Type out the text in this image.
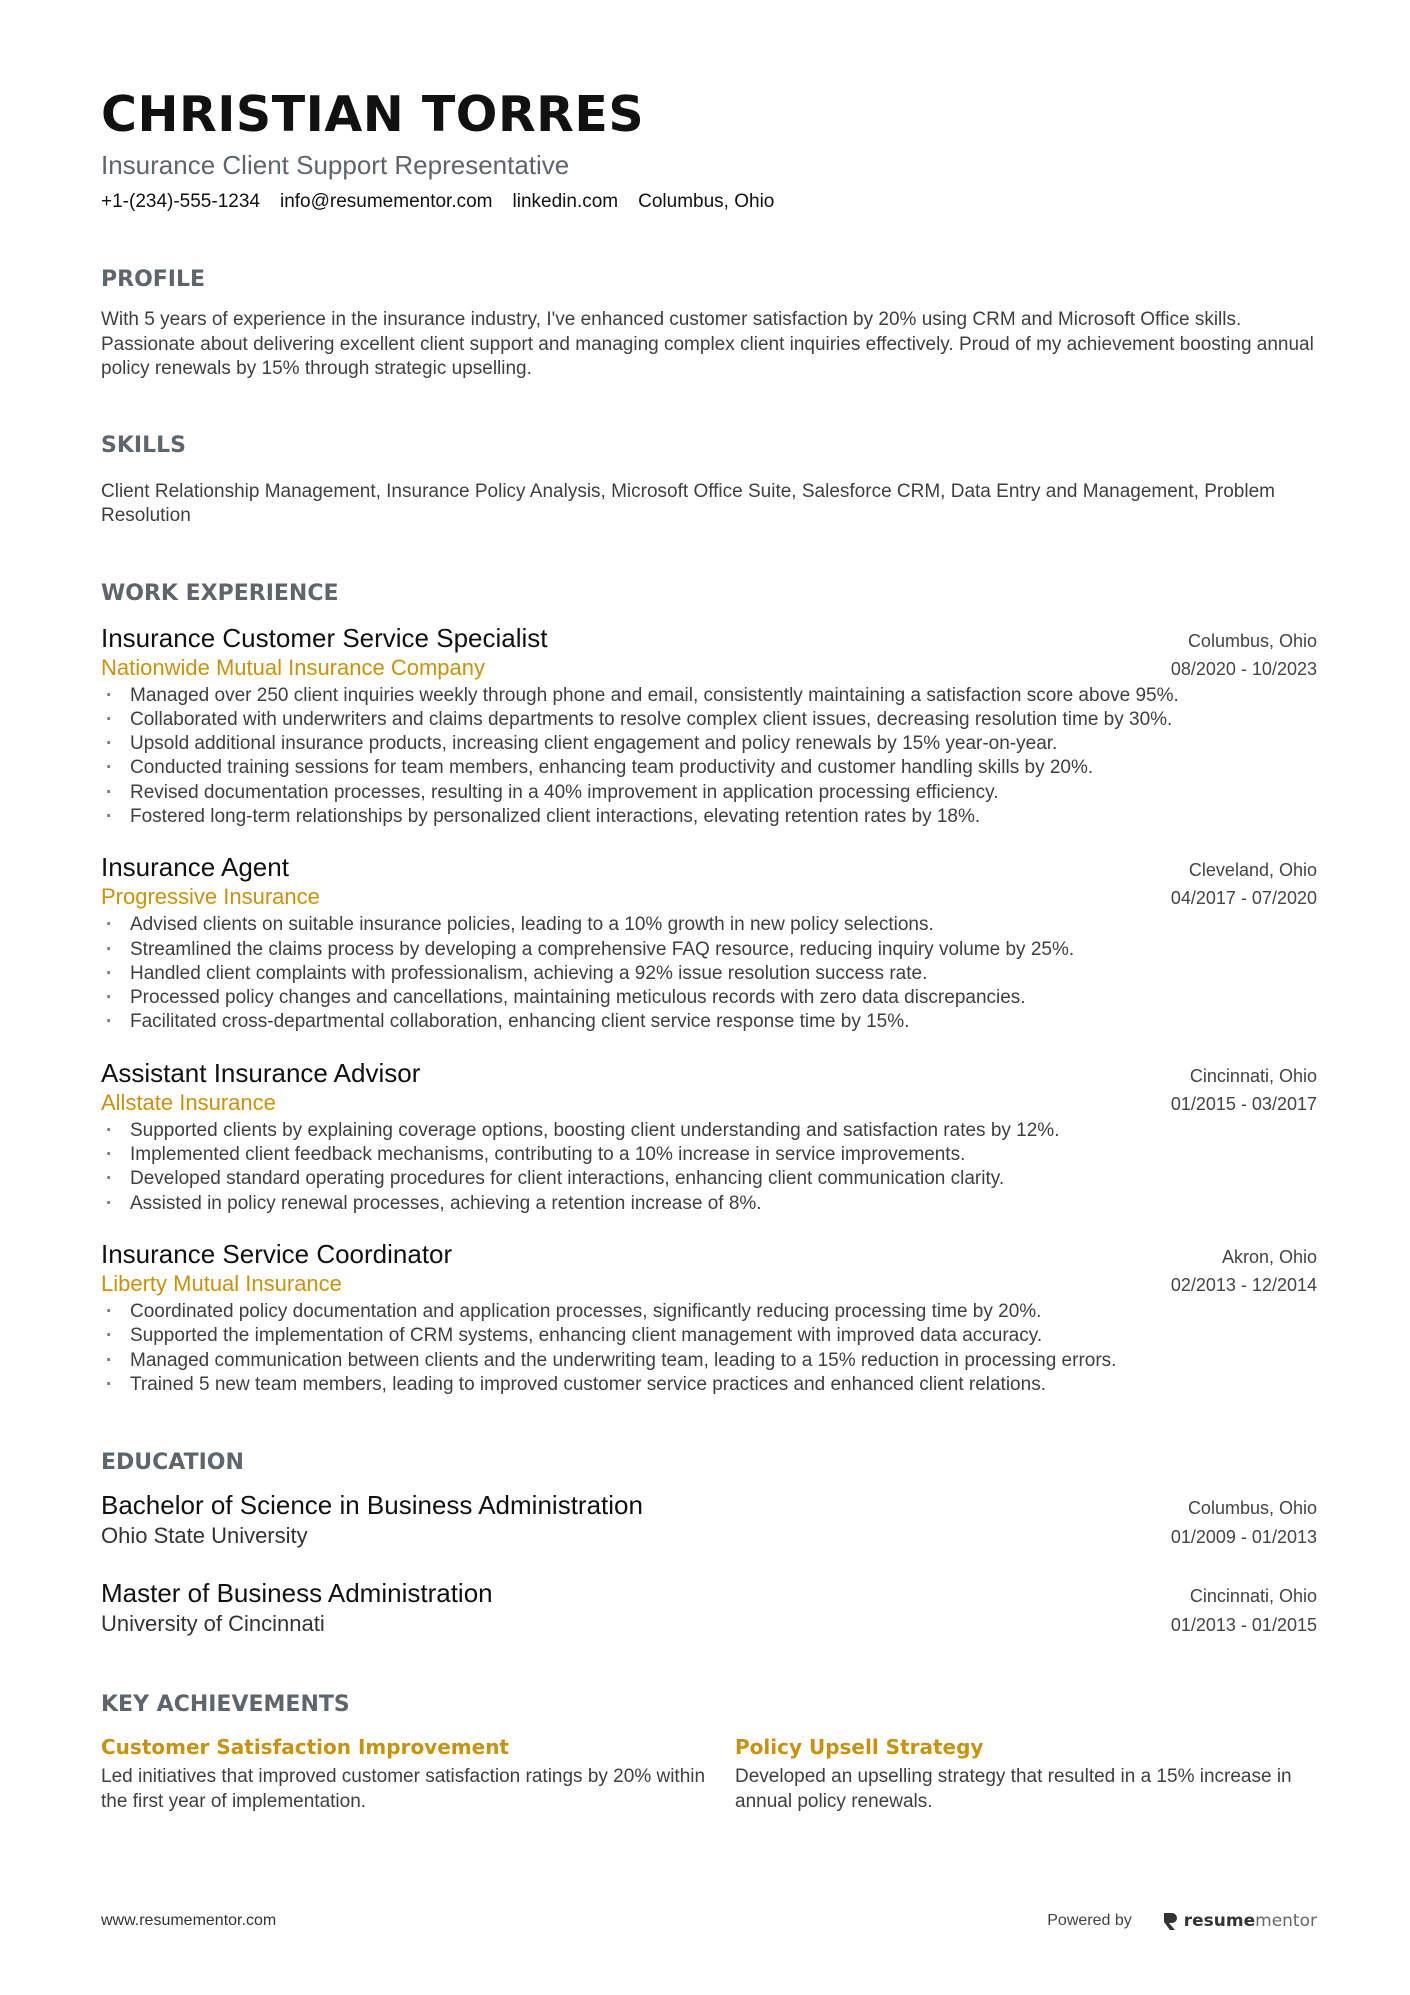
CHRISTIAN TORRES
Insurance Client Support Representative
+1-(234)-555-1234 info@resumementor.com linkedin.com Columbus, Ohio
PROFILE
With 5 years of experience in the insurance industry, I've enhanced customer satisfaction by 20% using CRM and Microsoft Office skills. Passionate about delivering excellent client support and managing complex client inquiries effectively. Proud of my achievement boosting annual policy renewals by 15% through strategic upselling.
SKILLS
Client Relationship Management, Insurance Policy Analysis, Microsoft Office Suite, Salesforce CRM, Data Entry and Management, Problem Resolution
WORK EXPERIENCE
Insurance Customer Service Specialist	Columbus, Ohio
Nationwide Mutual Insurance Company	08/2020 - 10/2023
· Managed over 250 client inquiries weekly through phone and email, consistently maintaining a satisfaction score above 95%.
· Collaborated with underwriters and claims departments to resolve complex client issues, decreasing resolution time by 30%.
· Upsold additional insurance products, increasing client engagement and policy renewals by 15% year-on-year.
· Conducted training sessions for team members, enhancing team productivity and customer handling skills by 20%.
· Revised documentation processes, resulting in a 40% improvement in application processing efficiency.
· Fostered long-term relationships by personalized client interactions, elevating retention rates by 18%.
Insurance Agent	Cleveland, Ohio
Progressive Insurance	04/2017 - 07/2020
· Advised clients on suitable insurance policies, leading to a 10% growth in new policy selections.
· Streamlined the claims process by developing a comprehensive FAQ resource, reducing inquiry volume by 25%.
· Handled client complaints with professionalism, achieving a 92% issue resolution success rate.
· Processed policy changes and cancellations, maintaining meticulous records with zero data discrepancies.
· Facilitated cross-departmental collaboration, enhancing client service response time by 15%.
Assistant Insurance Advisor	Cincinnati, Ohio
Allstate Insurance	01/2015 - 03/2017
· Supported clients by explaining coverage options, boosting client understanding and satisfaction rates by 12%.
· Implemented client feedback mechanisms, contributing to a 10% increase in service improvements.
· Developed standard operating procedures for client interactions, enhancing client communication clarity.
· Assisted in policy renewal processes, achieving a retention increase of 8%.
Insurance Service Coordinator	Akron, Ohio
Liberty Mutual Insurance	02/2013 - 12/2014
· Coordinated policy documentation and application processes, significantly reducing processing time by 20%.
· Supported the implementation of CRM systems, enhancing client management with improved data accuracy.
· Managed communication between clients and the underwriting team, leading to a 15% reduction in processing errors.
· Trained 5 new team members, leading to improved customer service practices and enhanced client relations.
EDUCATION
Bachelor of Science in Business Administration	Columbus, Ohio
Ohio State University	01/2009 - 01/2013
Master of Business Administration	Cincinnati, Ohio
University of Cincinnati	01/2013 - 01/2015
KEY ACHIEVEMENTS
Customer Satisfaction Improvement
Led initiatives that improved customer satisfaction ratings by 20% within the first year of implementation.
Policy Upsell Strategy
Developed an upselling strategy that resulted in a 15% increase in annual policy renewals.
www.resumementor.com	Powered by	resumementor
